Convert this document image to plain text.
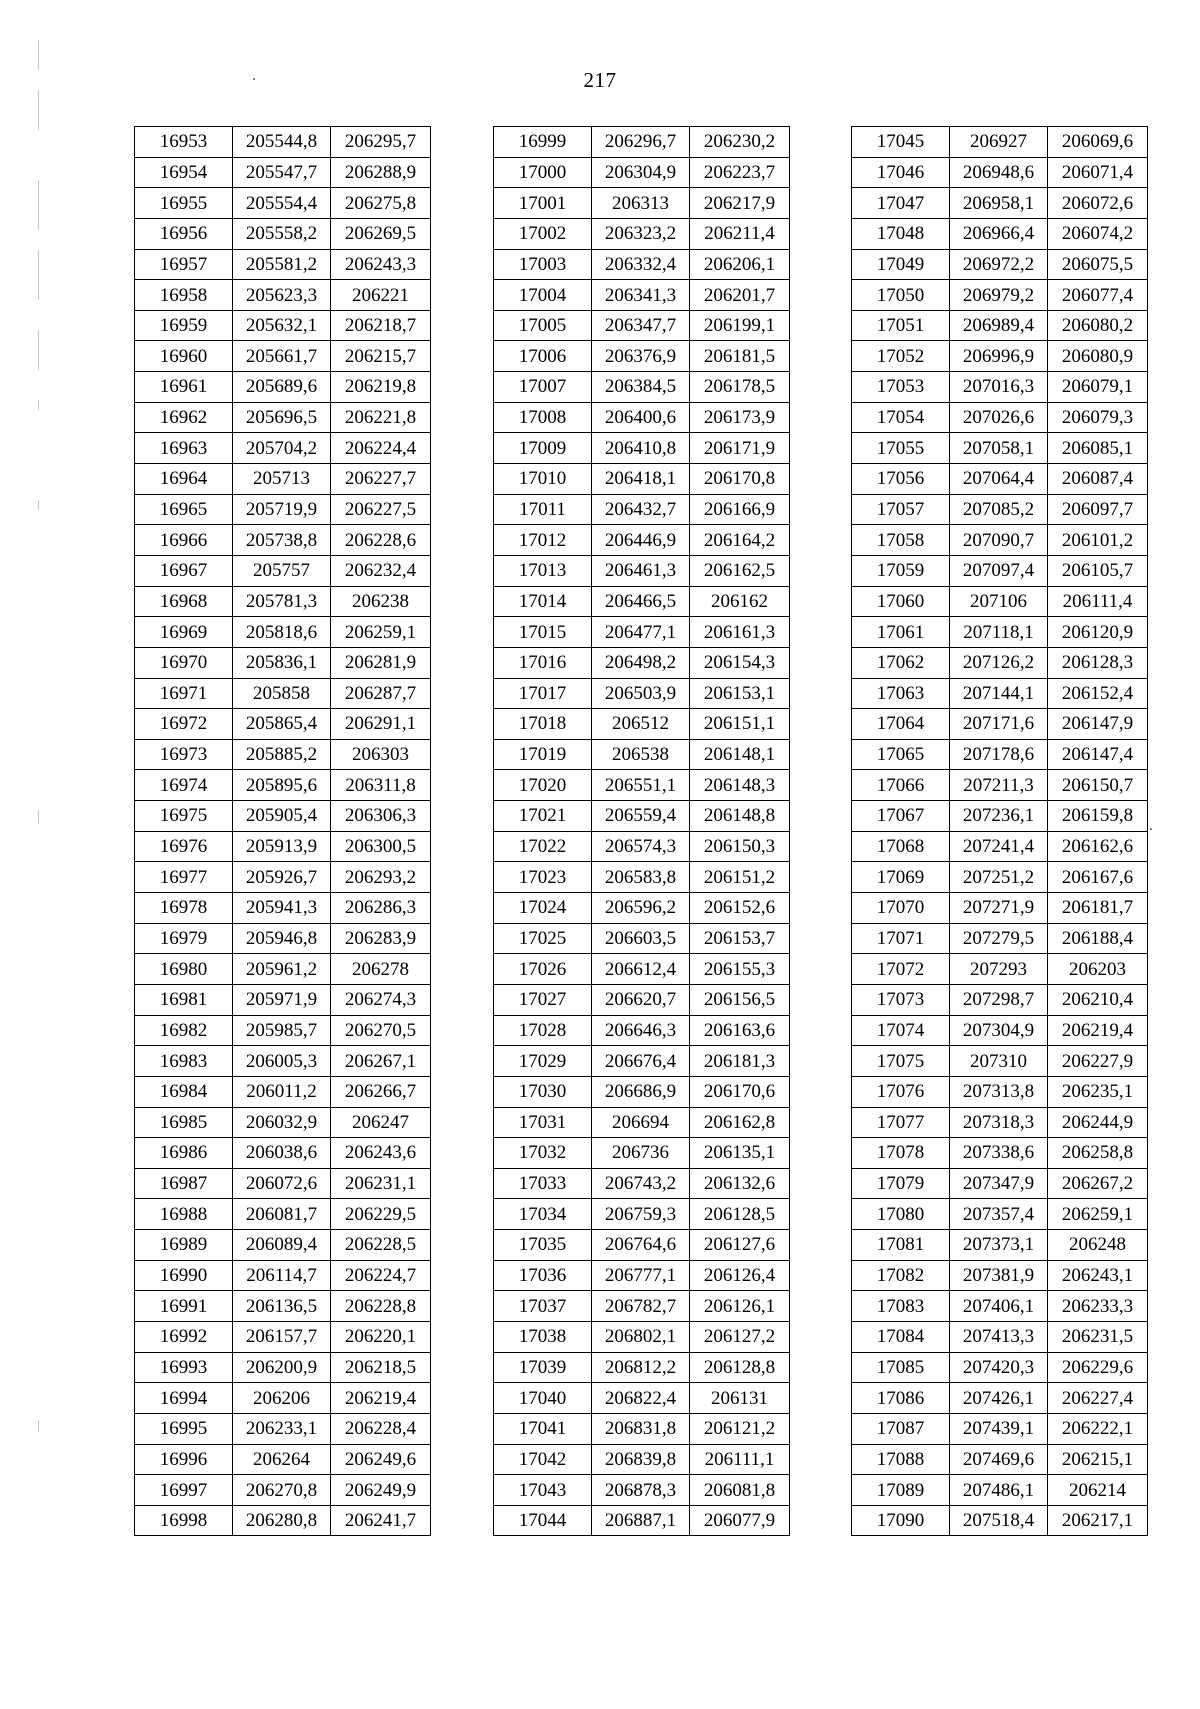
217
16953	205544,8	206295,7
16954	205547,7	206288,9
16955	205554,4	206275,8
16956	205558,2	206269,5
16957	205581,2	206243,3
16958	205623,3	206221
16959	205632,1	206218,7
16960	205661,7	206215,7
16961	205689,6	206219,8
16962	205696,5	206221,8
16963	205704,2	206224,4
16964	205713	206227,7
16965	205719,9	206227,5
16966	205738,8	206228,6
16967	205757	206232,4
16968	205781,3	206238
16969	205818,6	206259,1
16970	205836,1	206281,9
16971	205858	206287,7
16972	205865,4	206291,1
16973	205885,2	206303
16974	205895,6	206311,8
16975	205905,4	206306,3
16976	205913,9	206300,5
16977	205926,7	206293,2
16978	205941,3	206286,3
16979	205946,8	206283,9
16980	205961,2	206278
16981	205971,9	206274,3
16982	205985,7	206270,5
16983	206005,3	206267,1
16984	206011,2	206266,7
16985	206032,9	206247
16986	206038,6	206243,6
16987	206072,6	206231,1
16988	206081,7	206229,5
16989	206089,4	206228,5
16990	206114,7	206224,7
16991	206136,5	206228,8
16992	206157,7	206220,1
16993	206200,9	206218,5
16994	206206	206219,4
16995	206233,1	206228,4
16996	206264	206249,6
16997	206270,8	206249,9
16998	206280,8	206241,7
16999	206296,7	206230,2
17000	206304,9	206223,7
17001	206313	206217,9
17002	206323,2	206211,4
17003	206332,4	206206,1
17004	206341,3	206201,7
17005	206347,7	206199,1
17006	206376,9	206181,5
17007	206384,5	206178,5
17008	206400,6	206173,9
17009	206410,8	206171,9
17010	206418,1	206170,8
17011	206432,7	206166,9
17012	206446,9	206164,2
17013	206461,3	206162,5
17014	206466,5	206162
17015	206477,1	206161,3
17016	206498,2	206154,3
17017	206503,9	206153,1
17018	206512	206151,1
17019	206538	206148,1
17020	206551,1	206148,3
17021	206559,4	206148,8
17022	206574,3	206150,3
17023	206583,8	206151,2
17024	206596,2	206152,6
17025	206603,5	206153,7
17026	206612,4	206155,3
17027	206620,7	206156,5
17028	206646,3	206163,6
17029	206676,4	206181,3
17030	206686,9	206170,6
17031	206694	206162,8
17032	206736	206135,1
17033	206743,2	206132,6
17034	206759,3	206128,5
17035	206764,6	206127,6
17036	206777,1	206126,4
17037	206782,7	206126,1
17038	206802,1	206127,2
17039	206812,2	206128,8
17040	206822,4	206131
17041	206831,8	206121,2
17042	206839,8	206111,1
17043	206878,3	206081,8
17044	206887,1	206077,9
17045	206927	206069,6
17046	206948,6	206071,4
17047	206958,1	206072,6
17048	206966,4	206074,2
17049	206972,2	206075,5
17050	206979,2	206077,4
17051	206989,4	206080,2
17052	206996,9	206080,9
17053	207016,3	206079,1
17054	207026,6	206079,3
17055	207058,1	206085,1
17056	207064,4	206087,4
17057	207085,2	206097,7
17058	207090,7	206101,2
17059	207097,4	206105,7
17060	207106	206111,4
17061	207118,1	206120,9
17062	207126,2	206128,3
17063	207144,1	206152,4
17064	207171,6	206147,9
17065	207178,6	206147,4
17066	207211,3	206150,7
17067	207236,1	206159,8
17068	207241,4	206162,6
17069	207251,2	206167,6
17070	207271,9	206181,7
17071	207279,5	206188,4
17072	207293	206203
17073	207298,7	206210,4
17074	207304,9	206219,4
17075	207310	206227,9
17076	207313,8	206235,1
17077	207318,3	206244,9
17078	207338,6	206258,8
17079	207347,9	206267,2
17080	207357,4	206259,1
17081	207373,1	206248
17082	207381,9	206243,1
17083	207406,1	206233,3
17084	207413,3	206231,5
17085	207420,3	206229,6
17086	207426,1	206227,4
17087	207439,1	206222,1
17088	207469,6	206215,1
17089	207486,1	206214
17090	207518,4	206217,1
